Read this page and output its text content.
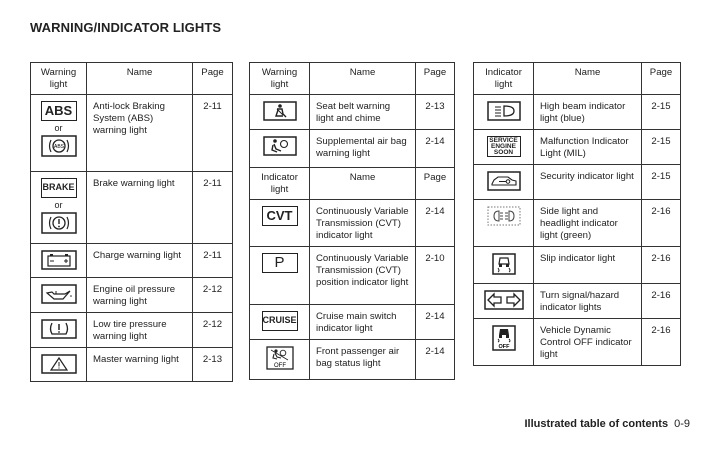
WARNING/INDICATOR LIGHTS
Warning light	Name	Page
ABS
or
ABS	Anti-lock Braking System (ABS) warning light	2-11
BRAKE
or	Brake warning light	2-11

	Charge warning light	2-11

	Engine oil pressure warning light	2-12

	Low tire pressure warning light	2-12

	Master warning light	2-13
Warning light	Name	Page

	Seat belt warning light and chime	2-13

	Supplemental air bag warning light	2-14
Indicator light	Name	Page
CVT	Continuously Variable Transmission (CVT) indicator light	2-14
P	Continuously Variable Transmission (CVT) position indicator light	2-10
CRUISE	Cruise main switch indicator light	2-14

OFF	Front passenger air bag status light	2-14
Indicator light	Name	Page

	High beam indicator light (blue)	2-15
SERVICE ENGINE SOON	Malfunction Indicator Light (MIL)	2-15

	Security indicator light	2-15

	Side light and headlight indicator light (green)	2-16

	Slip indicator light	2-16

	Turn signal/hazard indicator lights	2-16

OFF	Vehicle Dynamic Control OFF indicator light	2-16
Illustrated table of contents 0-9
